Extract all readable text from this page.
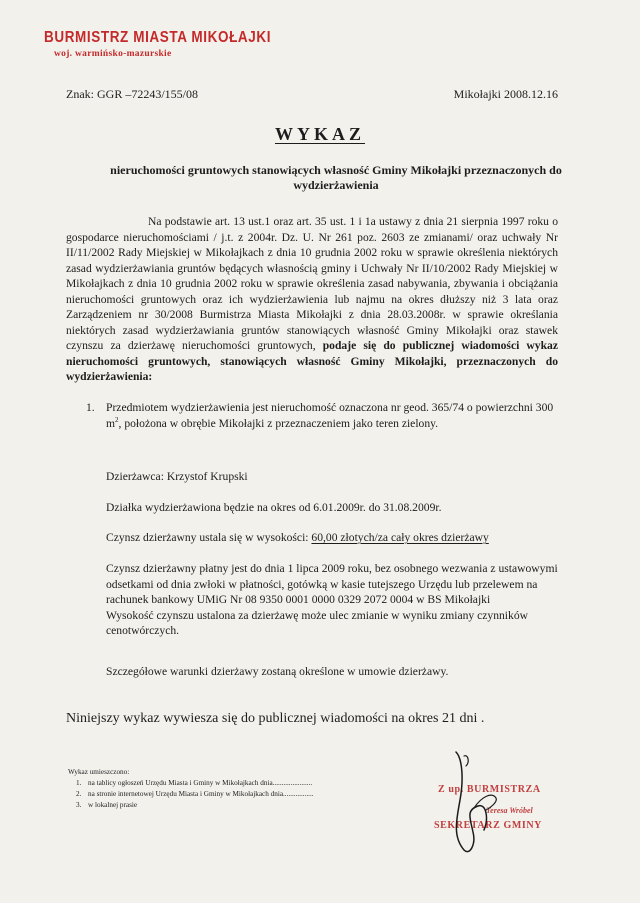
BURMISTRZ MIASTA MIKOŁAJKI
woj. warmińsko-mazurskie
Znak: GGR –72243/155/08	Mikołajki 2008.12.16
WYKAZ
nieruchomości gruntowych stanowiących własność Gminy Mikołajki przeznaczonych do wydzierżawienia
Na podstawie art. 13 ust.1 oraz art. 35 ust. 1 i 1a ustawy z dnia 21 sierpnia 1997 roku o gospodarce nieruchomościami / j.t. z 2004r. Dz. U. Nr 261 poz. 2603 ze zmianami/ oraz uchwały Nr II/11/2002 Rady Miejskiej w Mikołajkach z dnia 10 grudnia 2002 roku w sprawie określenia niektórych zasad wydzierżawiania gruntów będących własnością gminy i Uchwały Nr II/10/2002 Rady Miejskiej w Mikołajkach z dnia 10 grudnia 2002 roku w sprawie określenia zasad nabywania, zbywania i obciążania nieruchomości gruntowych oraz ich wydzierżawienia lub najmu na okres dłuższy niż 3 lata oraz Zarządzeniem nr 30/2008 Burmistrza Miasta Mikołajki z dnia 28.03.2008r. w sprawie określania niektórych zasad wydzierżawiania gruntów stanowiących własność Gminy Mikołajki oraz stawek czynszu za dzierżawę nieruchomości gruntowych, podaje się do publicznej wiadomości wykaz nieruchomości gruntowych, stanowiących własność Gminy Mikołajki, przeznaczonych do wydzierżawienia:
1. Przedmiotem wydzierżawienia jest nieruchomość oznaczona nr geod. 365/74 o powierzchni 300 $m^2$, położona w obrębie Mikołajki z przeznaczeniem jako teren zielony.
Dzierżawca: Krzystof Krupski
Działka wydzierżawiona będzie na okres od 6.01.2009r. do 31.08.2009r.
Czynsz dzierżawny ustala się w wysokości: 60,00 złotych/za cały okres dzierżawy
Czynsz dzierżawny płatny jest do dnia 1 lipca 2009 roku, bez osobnego wezwania z ustawowymi odsetkami od dnia zwłoki w płatności, gotówką w kasie tutejszego Urzędu lub przelewem na rachunek bankowy UMiG Nr 08 9350 0001 0000 0329 2072 0004 w BS Mikołajki
Wysokość czynszu ustalona za dzierżawę może ulec zmianie w wyniku zmiany czynników cenotwórczych.
Szczegółowe warunki dzierżawy zostaną określone w umowie dzierżawy.
Niniejszy wykaz wywiesza się do publicznej wiadomości na okres 21 dni .
Wykaz umieszczono:
1. na tablicy ogłoszeń Urzędu Miasta i Gminy w Mikołajkach dnia......................
2. na stronie internetowej Urzędu Miasta i Gminy w Mikołajkach dnia.................
3. w lokalnej prasie
Z up. BURMISTRZA
Teresa Wróbel
SEKRETARZ GMINY
